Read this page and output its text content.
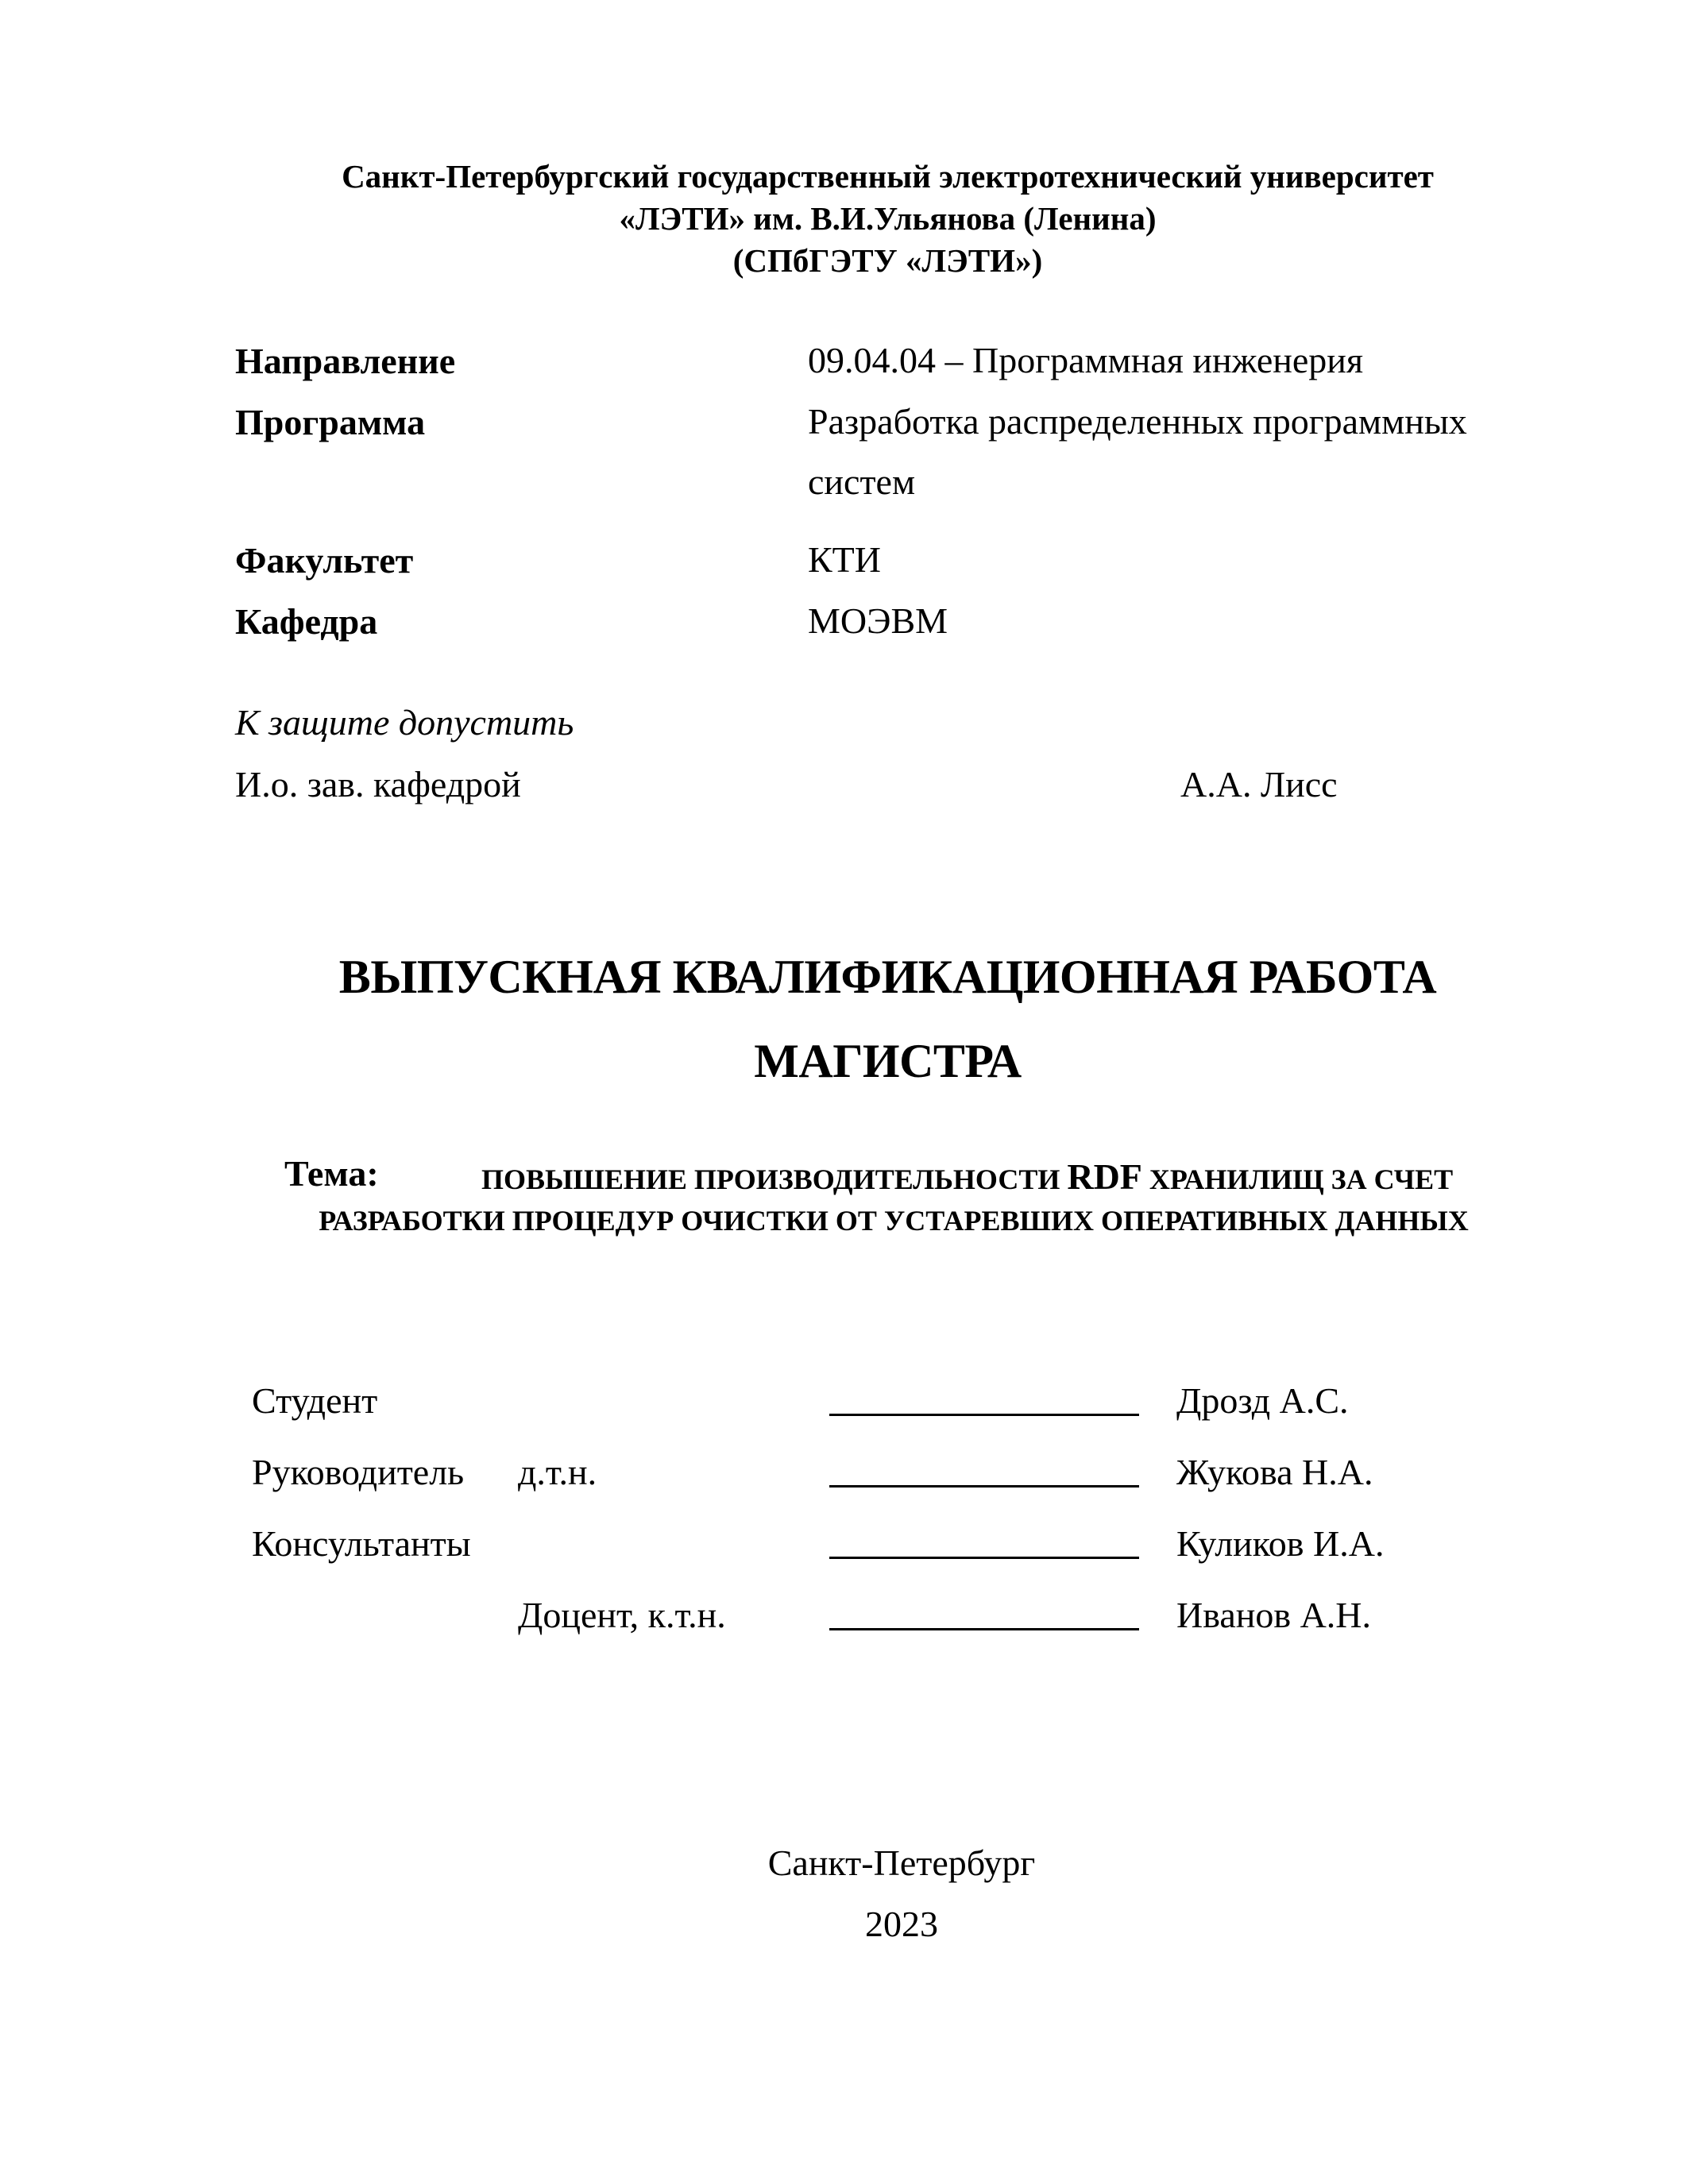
Санкт-Петербургский государственный электротехнический университет
«ЛЭТИ» им. В.И.Ульянова (Ленина)
(СПбГЭТУ «ЛЭТИ»)
Направление	09.04.04 – Программная инженерия
Программа	Разработка распределенных программных систем
Факультет	КТИ
Кафедра	МОЭВМ
К защите допустить
И.о. зав. кафедрой	А.А. Лисс
ВЫПУСКНАЯ КВАЛИФИКАЦИОННАЯ РАБОТА
МАГИСТРА
Тема:	ПОВЫШЕНИЕ ПРОИЗВОДИТЕЛЬНОСТИ RDF ХРАНИЛИЩ ЗА СЧЕТ
РАЗРАБОТКИ ПРОЦЕДУР ОЧИСТКИ ОТ УСТАРЕВШИХ ОПЕРАТИВНЫХ ДАННЫХ
Студент	Дрозд А.С.
Руководитель д.т.н.	Жукова Н.А.
Консультанты	Куликов И.А.
Доцент, к.т.н.	Иванов А.Н.
Санкт-Петербург
2023
